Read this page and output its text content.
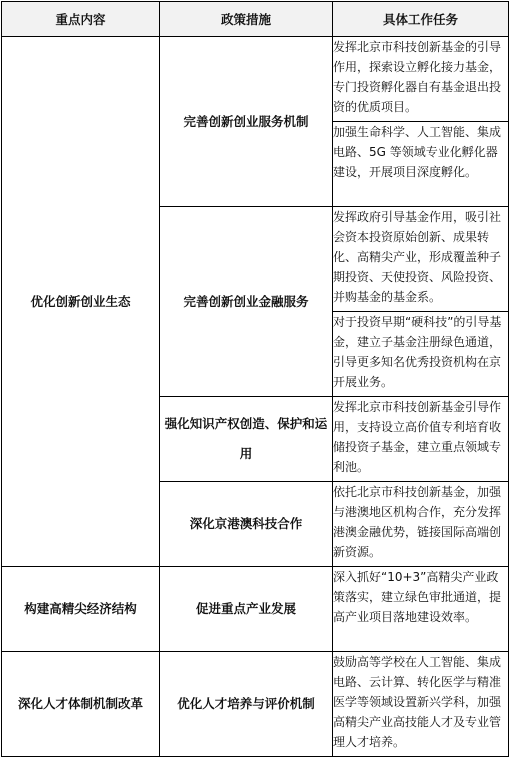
重点内容	政策措施	具体工作任务
优化创新创业生态	完善创新创业服务机制	发挥北京市科技创新基金的引导作用，探索设立孵化接力基金，专门投资孵化器自有基金退出投资的优质项目。
		加强生命科学、人工智能、集成电路、5G 等领域专业化孵化器建设，开展项目深度孵化。
	完善创新创业金融服务	发挥政府引导基金作用，吸引社会资本投资原始创新、成果转化、高精尖产业，形成覆盖种子期投资、天使投资、风险投资、并购基金的基金系。
		对于投资早期“硬科技”的引导基金，建立子基金注册绿色通道，引导更多知名优秀投资机构在京开展业务。
	强化知识产权创造、保护和运用	发挥北京市科技创新基金引导作用，支持设立高价值专利培育收储投资子基金，建立重点领域专利池。
	深化京港澳科技合作	依托北京市科技创新基金，加强与港澳地区机构合作，充分发挥港澳金融优势，链接国际高端创新资源。
构建高精尖经济结构	促进重点产业发展	深入抓好“10+3”高精尖产业政策落实，建立绿色审批通道，提高产业项目落地建设效率。
深化人才体制机制改革	优化人才培养与评价机制	鼓励高等学校在人工智能、集成电路、云计算、转化医学与精准医学等领域设置新兴学科，加强高精尖产业高技能人才及专业管理人才培养。
